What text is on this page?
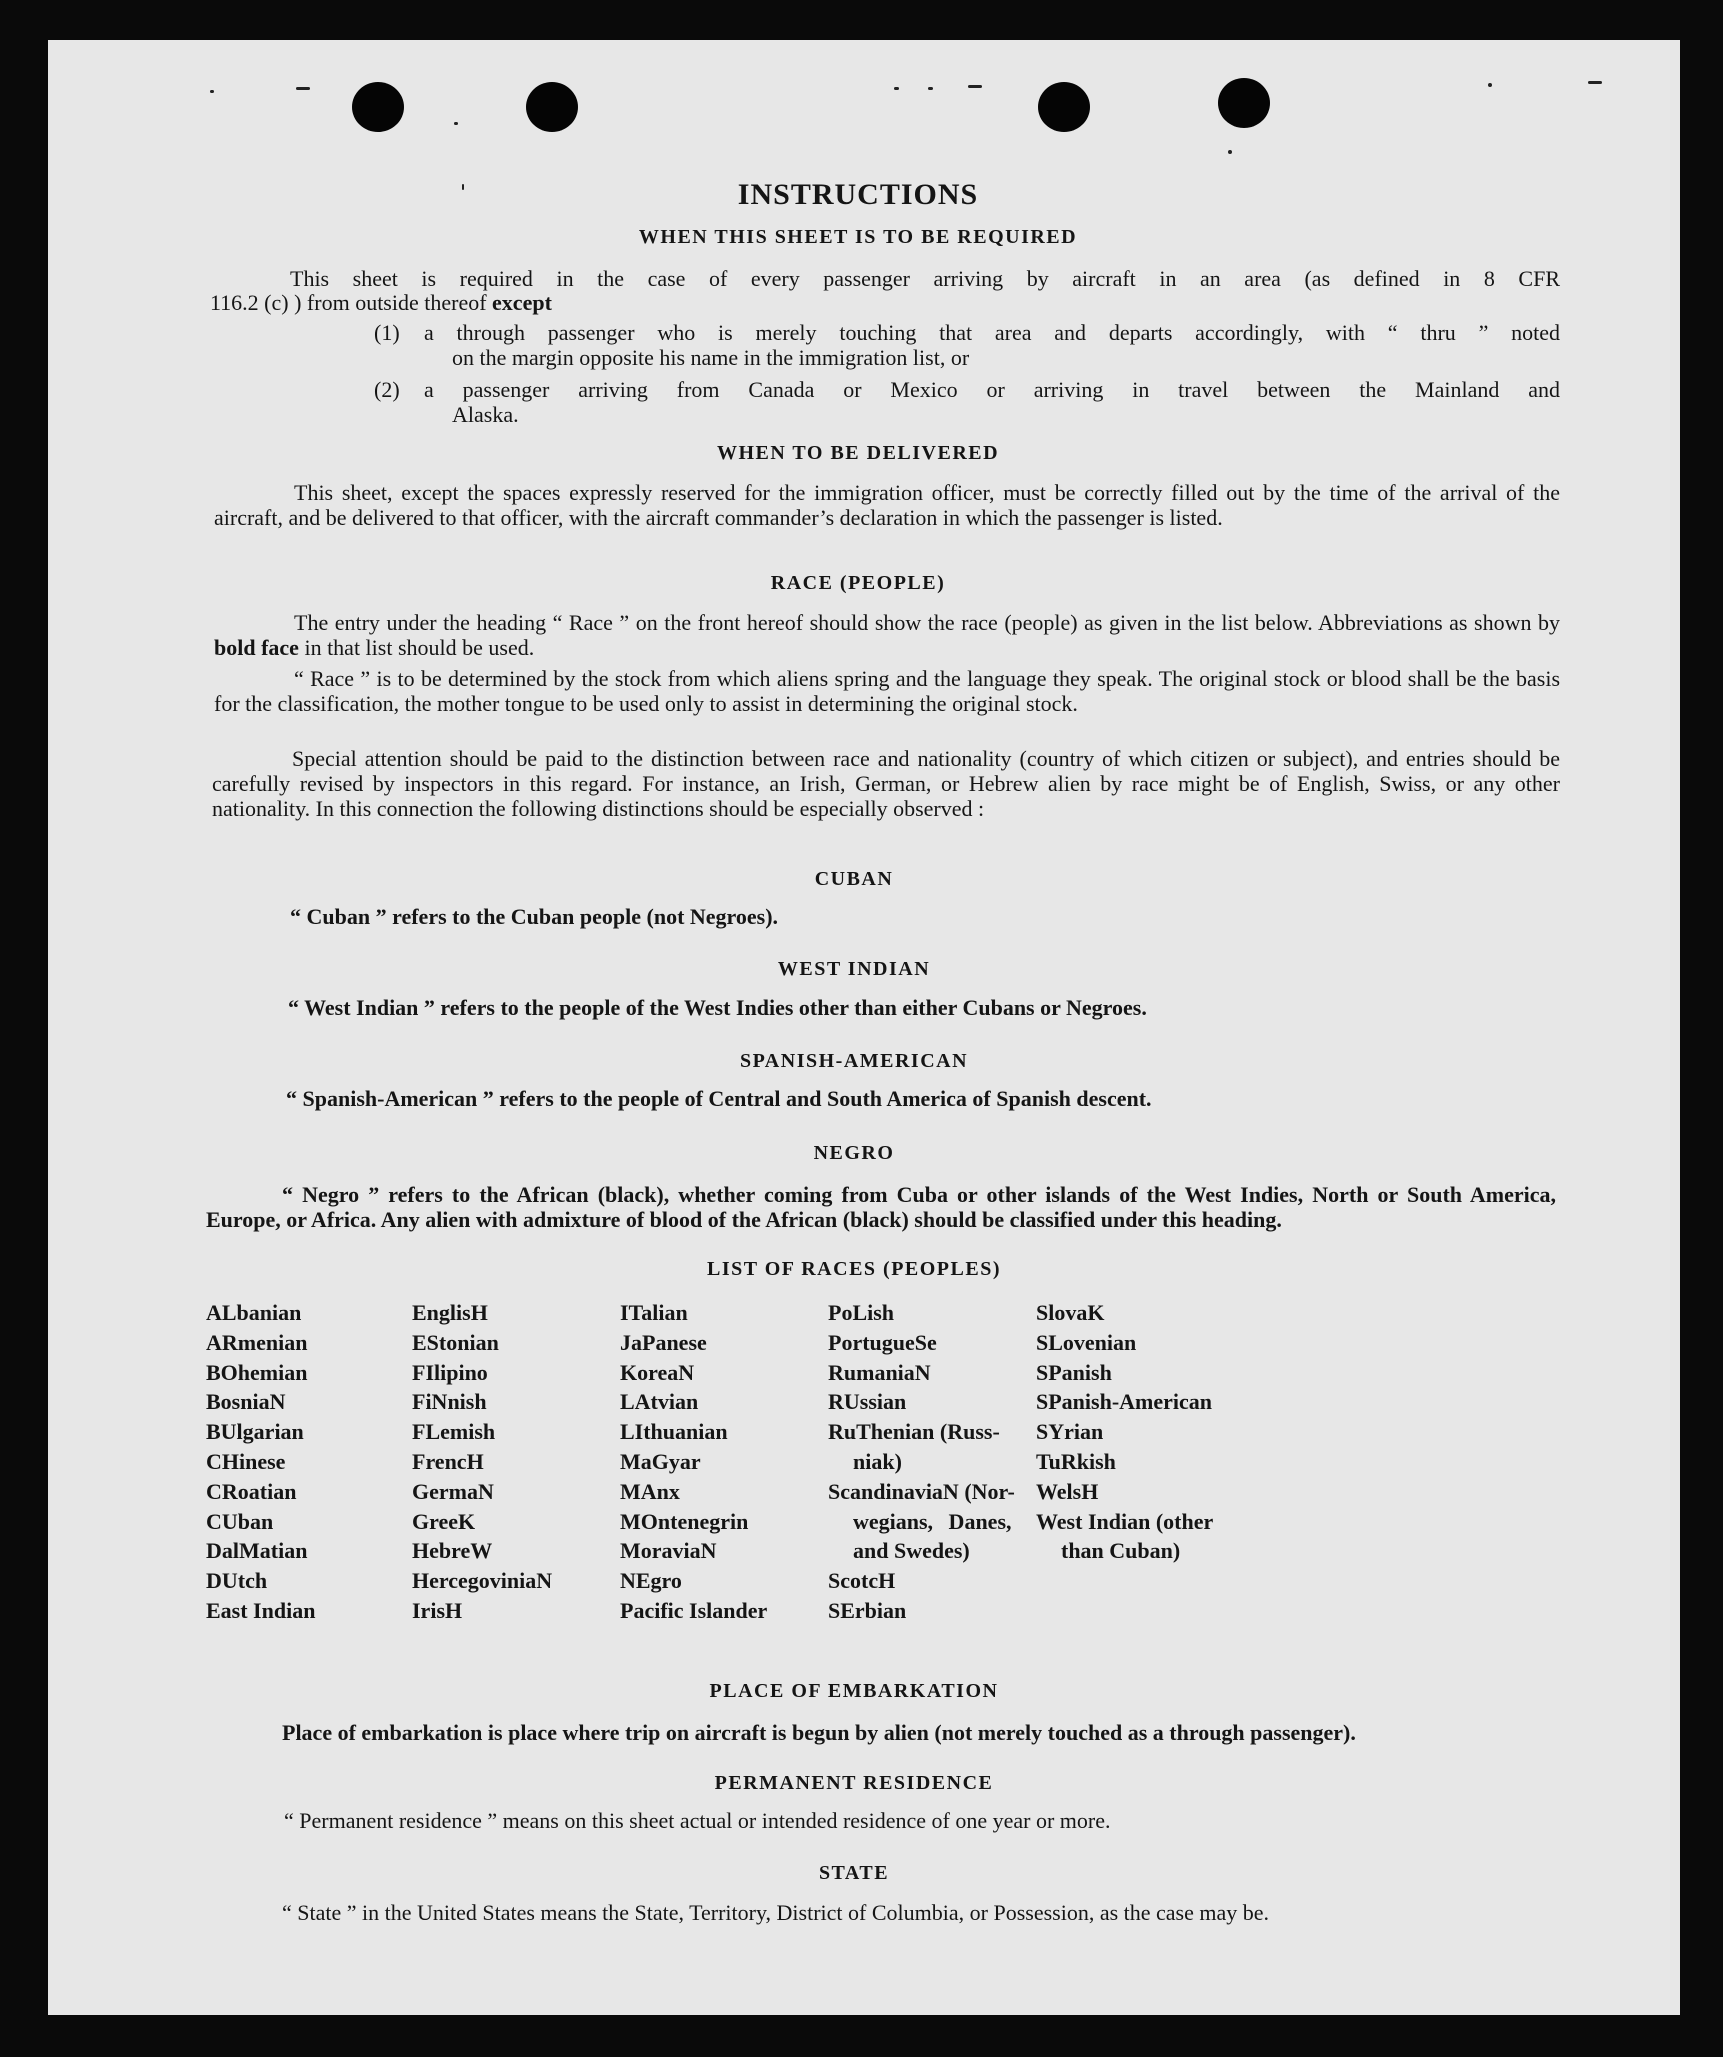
INSTRUCTIONS
WHEN THIS SHEET IS TO BE REQUIRED
This sheet is required in the case of every passenger arriving by aircraft in an area (as defined in 8 CFR
116.2 (c) ) from outside thereof except
(1) a through passenger who is merely touching that area and departs accordingly, with “ thru ” noted
on the margin opposite his name in the immigration list, or
(2) a passenger arriving from Canada or Mexico or arriving in travel between the Mainland and
Alaska.
WHEN TO BE DELIVERED
This sheet, except the spaces expressly reserved for the immigration officer, must be correctly filled out by the time of the arrival of the aircraft, and be delivered to that officer, with the aircraft commander’s declaration in which the passenger is listed.
RACE (PEOPLE)
The entry under the heading “ Race ” on the front hereof should show the race (people) as given in the list below. Abbreviations as shown by bold face in that list should be used.
“ Race ” is to be determined by the stock from which aliens spring and the language they speak. The original stock or blood shall be the basis for the classification, the mother tongue to be used only to assist in determining the original stock.
Special attention should be paid to the distinction between race and nationality (country of which citizen or subject), and entries should be carefully revised by inspectors in this regard. For instance, an Irish, German, or Hebrew alien by race might be of English, Swiss, or any other nationality. In this connection the following distinctions should be especially observed :
CUBAN
“ Cuban ” refers to the Cuban people (not Negroes).
WEST INDIAN
“ West Indian ” refers to the people of the West Indies other than either Cubans or Negroes.
SPANISH-AMERICAN
“ Spanish-American ” refers to the people of Central and South America of Spanish descent.
NEGRO
“ Negro ” refers to the African (black), whether coming from Cuba or other islands of the West Indies, North or South America, Europe, or Africa. Any alien with admixture of blood of the African (black) should be classified under this heading.
LIST OF RACES (PEOPLES)
ALbanian
ARmenian
BOhemian
BosniaN
BUlgarian
CHinese
CRoatian
CUban
DalMatian
DUtch
East Indian
EnglisH
EStonian
FIlipino
FiNnish
FLemish
FrencH
GermaN
GreeK
HebreW
HercegoviniaN
IrisH
ITalian
JaPanese
KoreaN
LAtvian
LIthuanian
MaGyar
MAnx
MOntenegrin
MoraviaN
NEgro
Pacific Islander
PoLish
PortugueSe
RumaniaN
RUssian
RuThenian (Russ-
niak)
ScandinaviaN (Nor-
wegians, Danes,
and Swedes)
ScotcH
SErbian
SlovaK
SLovenian
SPanish
SPanish-American
SYrian
TuRkish
WelsH
West Indian (other
than Cuban)
PLACE OF EMBARKATION
Place of embarkation is place where trip on aircraft is begun by alien (not merely touched as a through passenger).
PERMANENT RESIDENCE
“ Permanent residence ” means on this sheet actual or intended residence of one year or more.
STATE
“ State ” in the United States means the State, Territory, District of Columbia, or Possession, as the case may be.
